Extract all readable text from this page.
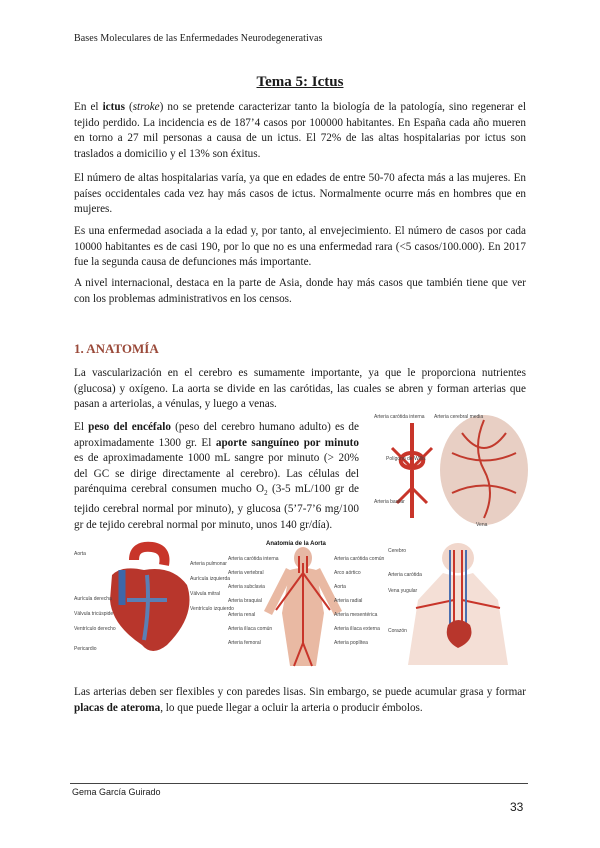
Bases Moleculares de las Enfermedades Neurodegenerativas
Tema 5: Ictus

En el ictus (stroke) no se pretende caracterizar tanto la biología de la patología, sino regenerar el tejido perdido. La incidencia es de 187’4 casos por 100000 habitantes. En España cada año mueren en torno a 27 mil personas a causa de un ictus. El 72% de las altas hospitalarias por ictus son traslados a domicilio y el 13% son éxitus.

El número de altas hospitalarias varía, ya que en edades de entre 50-70 afecta más a las mujeres. En países occidentales cada vez hay más casos de ictus. Normalmente ocurre más en hombres que en mujeres.

Es una enfermedad asociada a la edad y, por tanto, al envejecimiento. El número de casos por cada 10000 habitantes es de casi 190, por lo que no es una enfermedad rara (<5 casos/100.000). En 2017 fue la segunda causa de defunciones más importante.

A nivel internacional, destaca en la parte de Asia, donde hay más casos que también tiene que ver con los problemas administrativos en los censos.

1. ANATOMÍA

La vascularización en el cerebro es sumamente importante, ya que le proporciona nutrientes (glucosa) y oxígeno. La aorta se divide en las carótidas, las cuales se abren y forman arterias que pasan a arteriolas, a vénulas, y luego a venas.

El peso del encéfalo (peso del cerebro humano adulto) es de aproximadamente 1300 gr. El aporte sanguíneo por minuto es de aproximadamente 1000 mL sangre por minuto (> 20% del GC se dirige directamente al cerebro). Las células del parénquima cerebral consumen mucho $O_2$ (3-5 mL/100 gr de tejido cerebral normal por minuto), y glucosa (5’7-7’6 mg/100 gr de tejido cerebral normal por minuto, unos 140 gr/día).

Arteria carótida interna Arteria cerebral media
Polígono de Willis
Arteria basilar
Vena
Aorta
Arteria pulmonar
Aurícula izquierda
Válvula mitral
Ventrículo izquierdo
Aurícula derecha
Válvula tricúspide
Ventrículo derecho
Pericardio
Anatomía de la Aorta
Arteria carótida interna
Arteria vertebral
Arteria subclavia
Arteria braquial
Arteria renal
Arteria ilíaca común
Arteria femoral
Arteria carótida común
Arco aórtico
Aorta
Arteria radial
Arteria mesentérica
Arteria ilíaca externa
Arteria poplítea
Cerebro
Arteria carótida
Vena yugular
Corazón

Las arterias deben ser flexibles y con paredes lisas. Sin embargo, se puede acumular grasa y formar placas de ateroma, lo que puede llegar a ocluir la arteria o producir émbolos.

Gema García Guirado
33
